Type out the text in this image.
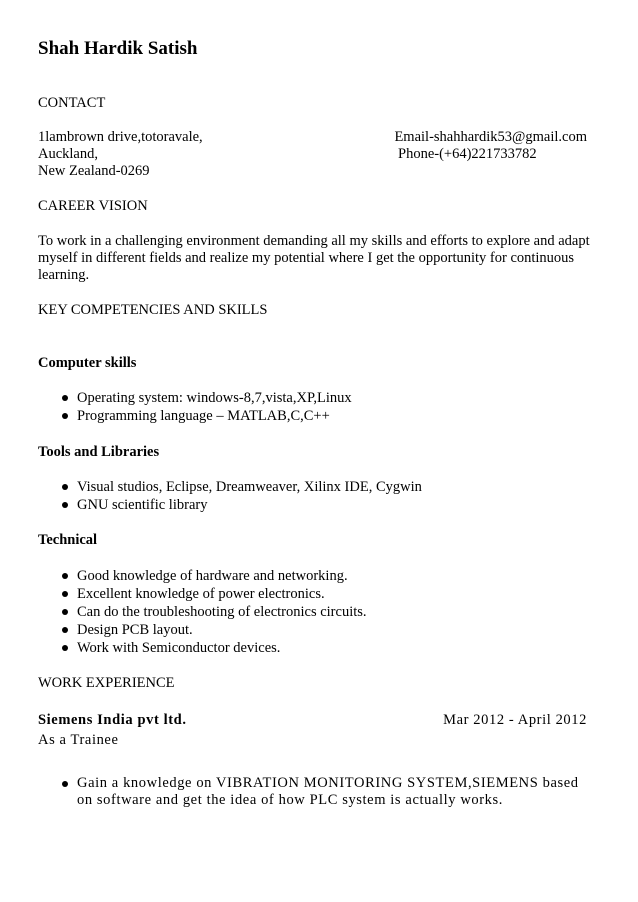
Shah Hardik Satish
CONTACT
1lambrown drive,totoravale,
Auckland,
New Zealand-0269
Email-shahhardik53@gmail.com
Phone-(+64)221733782
CAREER VISION
To work in a challenging environment demanding all my skills and efforts to explore and adapt myself in different fields and realize my potential where I get the opportunity for continuous learning.
KEY COMPETENCIES AND SKILLS
Computer skills
Operating system: windows-8,7,vista,XP,Linux
Programming language – MATLAB,C,C++
Tools and Libraries
Visual studios, Eclipse, Dreamweaver, Xilinx IDE, Cygwin
GNU scientific library
Technical
Good knowledge of hardware and networking.
Excellent knowledge of power electronics.
Can do the troubleshooting of electronics circuits.
Design PCB layout.
Work with Semiconductor devices.
WORK EXPERIENCE
Siemens India pvt ltd.	Mar 2012 - April 2012
As a Trainee
Gain a knowledge on VIBRATION MONITORING SYSTEM,SIEMENS based on software and get the idea of how PLC system is actually works.
